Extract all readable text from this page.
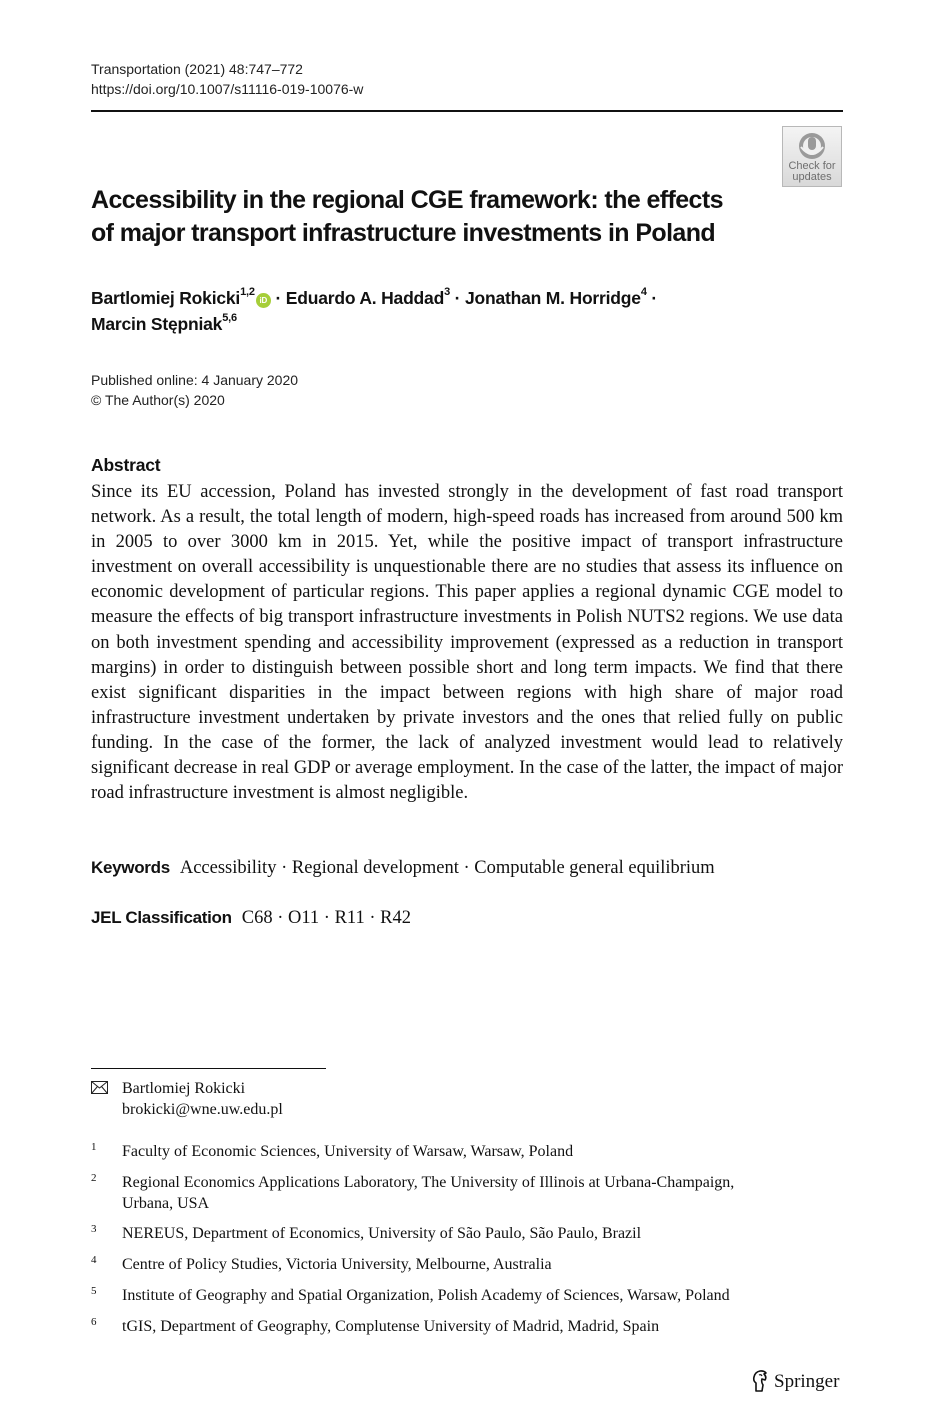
Transportation (2021) 48:747–772
https://doi.org/10.1007/s11116-019-10076-w
Check for
updates
Accessibility in the regional CGE framework: the effects
of major transport infrastructure investments in Poland
Bartlomiej Rokicki$^{1,2}$iD · Eduardo A. Haddad$^3$ · Jonathan M. Horridge$^4$ ·
Marcin Stępniak$^{5,6}$
Published online: 4 January 2020
© The Author(s) 2020
Abstract

Since its EU accession, Poland has invested strongly in the development of fast road transport network. As a result, the total length of modern, high-speed roads has increased from around 500 km in 2005 to over 3000 km in 2015. Yet, while the positive impact of transport infrastructure investment on overall accessibility is unquestionable there are no studies that assess its influence on economic development of particular regions. This paper applies a regional dynamic CGE model to measure the effects of big transport infrastructure investments in Polish NUTS2 regions. We use data on both investment spending and accessibility improvement (expressed as a reduction in transport margins) in order to distinguish between possible short and long term impacts. We find that there exist significant disparities in the impact between regions with high share of major road infrastructure investment undertaken by private investors and the ones that relied fully on public funding. In the case of the former, the lack of analyzed investment would lead to relatively significant decrease in real GDP or average employment. In the case of the latter, the impact of major road infrastructure investment is almost negligible.

Keywords Accessibility · Regional development · Computable general equilibrium
JEL Classification C68 · O11 · R11 · R42
Bartlomiej Rokicki
brokicki@wne.uw.edu.pl
1 Faculty of Economic Sciences, University of Warsaw, Warsaw, Poland
2 Regional Economics Applications Laboratory, The University of Illinois at Urbana-Champaign,
Urbana, USA
3 NEREUS, Department of Economics, University of São Paulo, São Paulo, Brazil
4 Centre of Policy Studies, Victoria University, Melbourne, Australia
5 Institute of Geography and Spatial Organization, Polish Academy of Sciences, Warsaw, Poland
6 tGIS, Department of Geography, Complutense University of Madrid, Madrid, Spain
Springer
